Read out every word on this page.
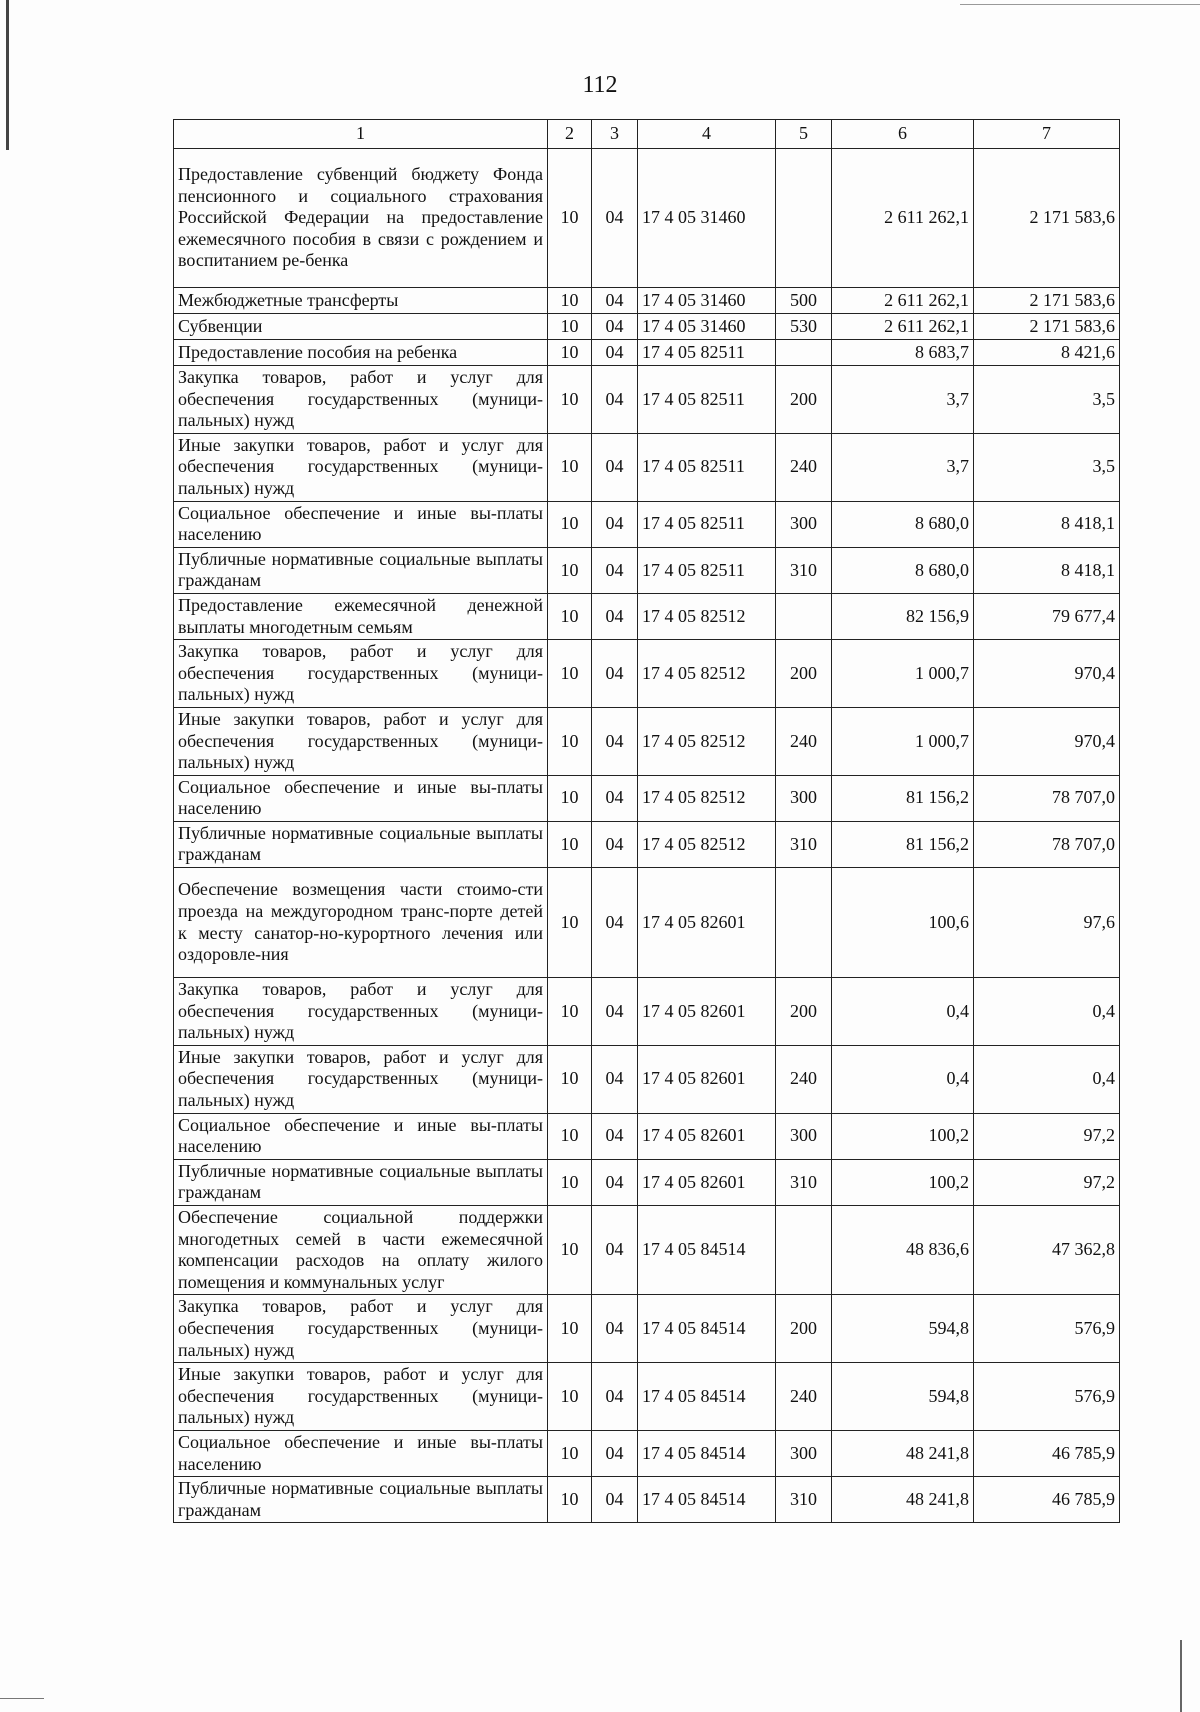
112
1	2	3	4	5	6	7
Предоставление субвенций бюджету Фонда пенсионного и социального страхования Российской Федерации на предоставление ежемесячного пособия в связи с рождением и воспитанием ре-бенка	10	04	17 4 05 31460		2 611 262,1	2 171 583,6
Межбюджетные трансферты	10	04	17 4 05 31460	500	2 611 262,1	2 171 583,6
Субвенции	10	04	17 4 05 31460	530	2 611 262,1	2 171 583,6
Предоставление пособия на ребенка	10	04	17 4 05 82511		8 683,7	8 421,6
Закупка товаров, работ и услуг для обеспечения государственных (муници-пальных) нужд	10	04	17 4 05 82511	200	3,7	3,5
Иные закупки товаров, работ и услуг для обеспечения государственных (муници-пальных) нужд	10	04	17 4 05 82511	240	3,7	3,5
Социальное обеспечение и иные вы-платы населению	10	04	17 4 05 82511	300	8 680,0	8 418,1
Публичные нормативные социальные выплаты гражданам	10	04	17 4 05 82511	310	8 680,0	8 418,1
Предоставление ежемесячной денежной выплаты многодетным семьям	10	04	17 4 05 82512		82 156,9	79 677,4
Закупка товаров, работ и услуг для обеспечения государственных (муници-пальных) нужд	10	04	17 4 05 82512	200	1 000,7	970,4
Иные закупки товаров, работ и услуг для обеспечения государственных (муници-пальных) нужд	10	04	17 4 05 82512	240	1 000,7	970,4
Социальное обеспечение и иные вы-платы населению	10	04	17 4 05 82512	300	81 156,2	78 707,0
Публичные нормативные социальные выплаты гражданам	10	04	17 4 05 82512	310	81 156,2	78 707,0
Обеспечение возмещения части стоимо-сти проезда на междугородном транс-порте детей к месту санатор-но-курортного лечения или оздоровле-ния	10	04	17 4 05 82601		100,6	97,6
Закупка товаров, работ и услуг для обеспечения государственных (муници-пальных) нужд	10	04	17 4 05 82601	200	0,4	0,4
Иные закупки товаров, работ и услуг для обеспечения государственных (муници-пальных) нужд	10	04	17 4 05 82601	240	0,4	0,4
Социальное обеспечение и иные вы-платы населению	10	04	17 4 05 82601	300	100,2	97,2
Публичные нормативные социальные выплаты гражданам	10	04	17 4 05 82601	310	100,2	97,2
Обеспечение социальной поддержки многодетных семей в части ежемесячной компенсации расходов на оплату жилого помещения и коммунальных услуг	10	04	17 4 05 84514		48 836,6	47 362,8
Закупка товаров, работ и услуг для обеспечения государственных (муници-пальных) нужд	10	04	17 4 05 84514	200	594,8	576,9
Иные закупки товаров, работ и услуг для обеспечения государственных (муници-пальных) нужд	10	04	17 4 05 84514	240	594,8	576,9
Социальное обеспечение и иные вы-платы населению	10	04	17 4 05 84514	300	48 241,8	46 785,9
Публичные нормативные социальные выплаты гражданам	10	04	17 4 05 84514	310	48 241,8	46 785,9
